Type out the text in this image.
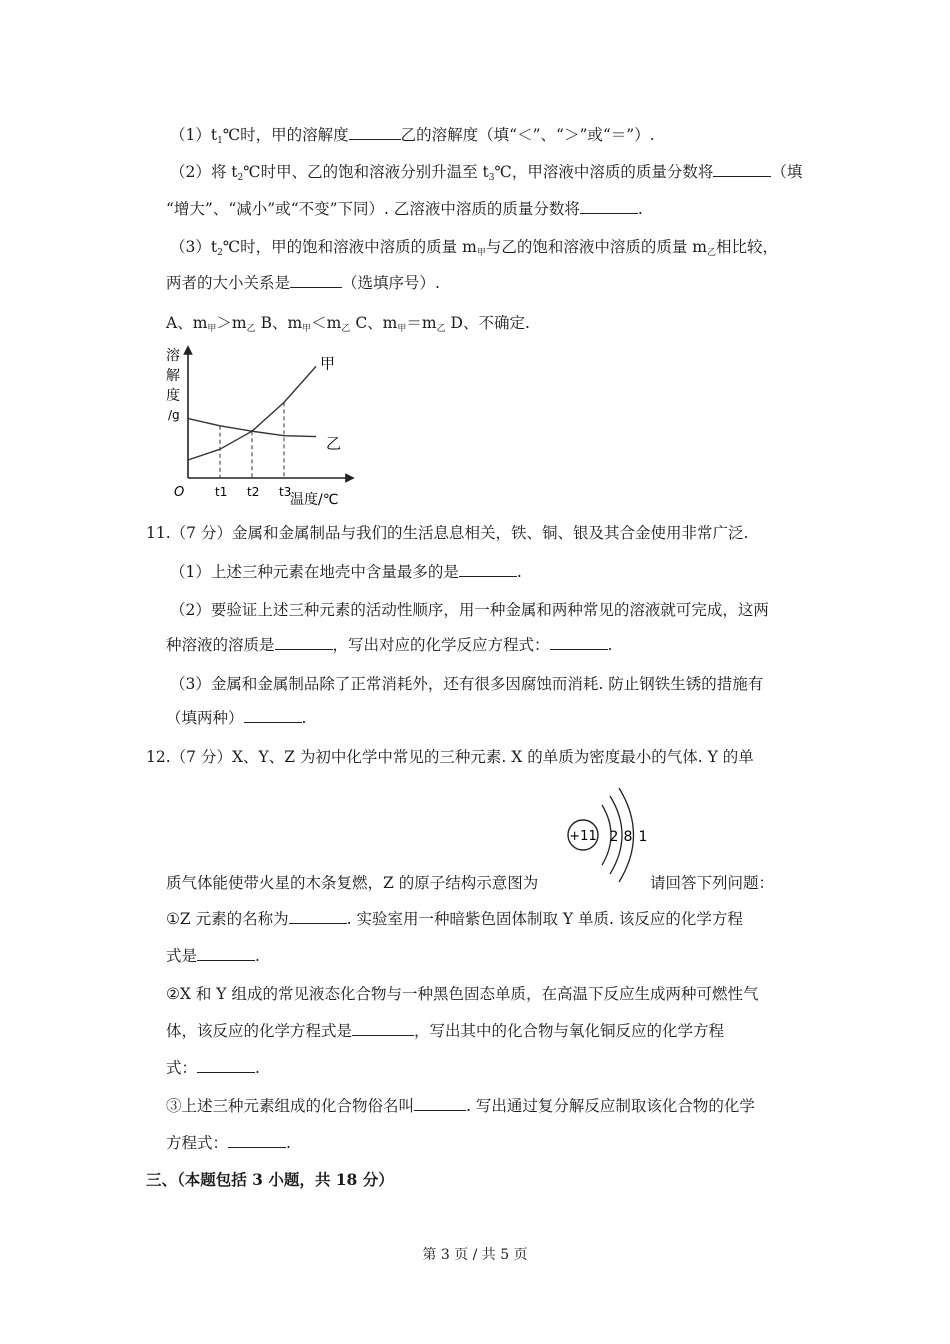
$(1)t_1℃$时，甲的溶解度	乙的溶解度（填“＜”、“＞”或“＝”）.
（2）将 $t_2℃$时甲、乙的饱和溶液分别升温至 $t_3℃$，甲溶液中溶质的质量分数将	（填
“增大”、“减小”或“不变”下同）. 乙溶液中溶质的质量分数将	.
$(3)t_2℃$时，甲的饱和溶液中溶质的质量 $m_甲$与乙的饱和溶液中溶质的质量 $m_乙$相比较，
两者的大小关系是	（选填序号）.
A、$m_甲>m_乙$ B、$m_甲<m_乙$ C、$m_甲=m_乙$ D、不确定.
溶
解
度
/g
O	温度/℃
甲
乙
t1 t2 t3
11.（7 分）金属和金属制品与我们的生活息息相关，铁、铜、银及其合金使用非常广泛.
（1）上述三种元素在地壳中含量最多的是	.
（2）要验证上述三种元素的活动性顺序，用一种金属和两种常见的溶液就可完成，这两
种溶液的溶质是	，写出对应的化学反应方程式：	.
（3）金属和金属制品除了正常消耗外，还有很多因腐蚀而消耗. 防止钢铁生锈的措施有
（填两种）	.
12.（7 分）X、Y、Z 为初中化学中常见的三种元素. X 的单质为密度最小的气体. Y 的单
+11 2 8 1
质气体能使带火星的木条复燃，Z 的原子结构示意图为	请回答下列问题：
①Z 元素的名称为	. 实验室用一种暗紫色固体制取 Y 单质. 该反应的化学方程
式是	.
②X 和 Y 组成的常见液态化合物与一种黑色固态单质，在高温下反应生成两种可燃性气
体，该反应的化学方程式是	，写出其中的化合物与氧化铜反应的化学方程
式：	.
③上述三种元素组成的化合物俗名叫	. 写出通过复分解反应制取该化合物的化学
方程式：	.
三、（本题包括 3 小题，共 18 分）
第 3 页 / 共 5 页
